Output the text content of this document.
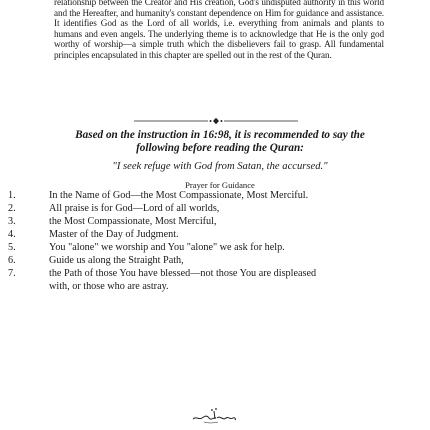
relationship between the Creator and His creation, God's undisputed authority in this world and the Hereafter, and humanity's constant dependence on Him for guidance and assistance. It identifies God as the Lord of all worlds, i.e. everything from animals and plants to humans and even angels. The underlying theme is to acknowledge that He is the only god worthy of worship—a simple truth which the disbelievers fail to grasp. All fundamental principles encapsulated in this chapter are spelled out in the rest of the Quran.

Based on the instruction in 16:98, it is recommended to say the

following before reading the Quran:

"I seek refuge with God from Satan, the accursed."
Prayer for Guidance
1.	In the Name of God—the Most Compassionate, Most Merciful.
2.	All praise is for God—Lord of all worlds,
3.	the Most Compassionate, Most Merciful,
4.	Master of the Day of Judgment.
5.	You "alone" we worship and You "alone" we ask for help.
6.	Guide us along the Straight Path,
7.	the Path of those You have blessed—not those You are displeased
with, or those who are astray.
